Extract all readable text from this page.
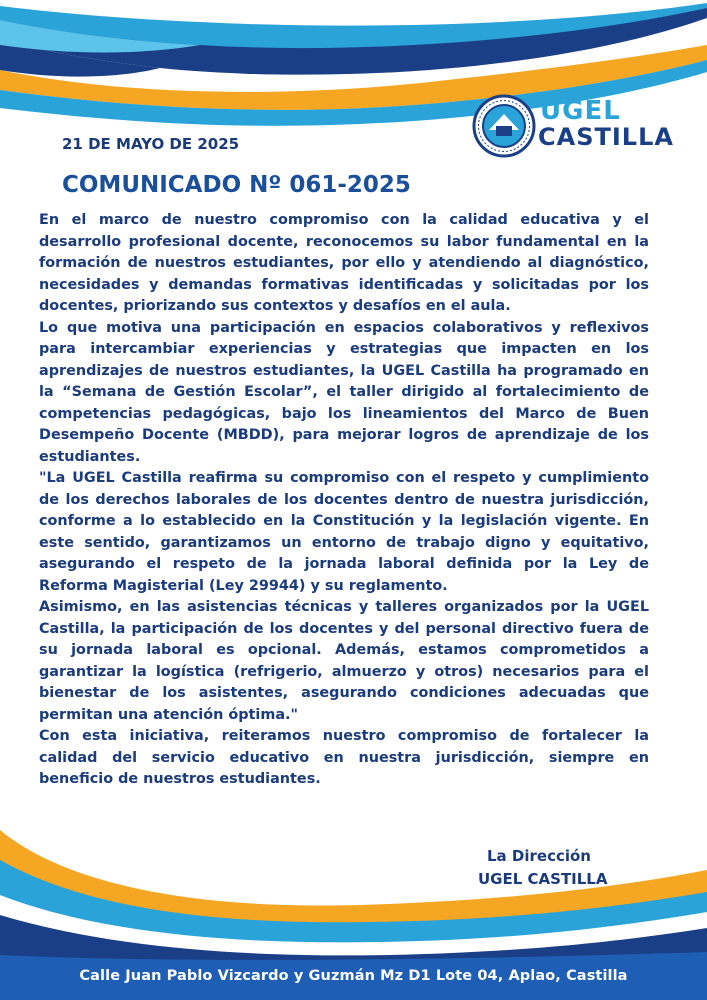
UGEL
CASTILLA
21 DE MAYO DE 2025
COMUNICADO Nº 061-2025

En el marco de nuestro compromiso con la calidad educativa y el desarrollo profesional docente, reconocemos su labor fundamental en la formación de nuestros estudiantes, por ello y atendiendo al diagnóstico, necesidades y demandas formativas identificadas y solicitadas por los docentes, priorizando sus contextos y desafíos en el aula.

Lo que motiva una participación en espacios colaborativos y reflexivos para intercambiar experiencias y estrategias que impacten en los aprendizajes de nuestros estudiantes, la UGEL Castilla ha programado en la “Semana de Gestión Escolar”, el taller dirigido al fortalecimiento de competencias pedagógicas, bajo los lineamientos del Marco de Buen Desempeño Docente (MBDD), para mejorar logros de aprendizaje de los estudiantes.

"La UGEL Castilla reafirma su compromiso con el respeto y cumplimiento de los derechos laborales de los docentes dentro de nuestra jurisdicción, conforme a lo establecido en la Constitución y la legislación vigente. En este sentido, garantizamos un entorno de trabajo digno y equitativo, asegurando el respeto de la jornada laboral definida por la Ley de Reforma Magisterial (Ley 29944) y su reglamento.

Asimismo, en las asistencias técnicas y talleres organizados por la UGEL Castilla, la participación de los docentes y del personal directivo fuera de su jornada laboral es opcional. Además, estamos comprometidos a garantizar la logística (refrigerio, almuerzo y otros) necesarios para el bienestar de los asistentes, asegurando condiciones adecuadas que permitan una atención óptima."

Con esta iniciativa, reiteramos nuestro compromiso de fortalecer la calidad del servicio educativo en nuestra jurisdicción, siempre en beneficio de nuestros estudiantes.

La Dirección
UGEL CASTILLA
Calle Juan Pablo Vizcardo y Guzmán Mz D1 Lote 04, Aplao, Castilla
